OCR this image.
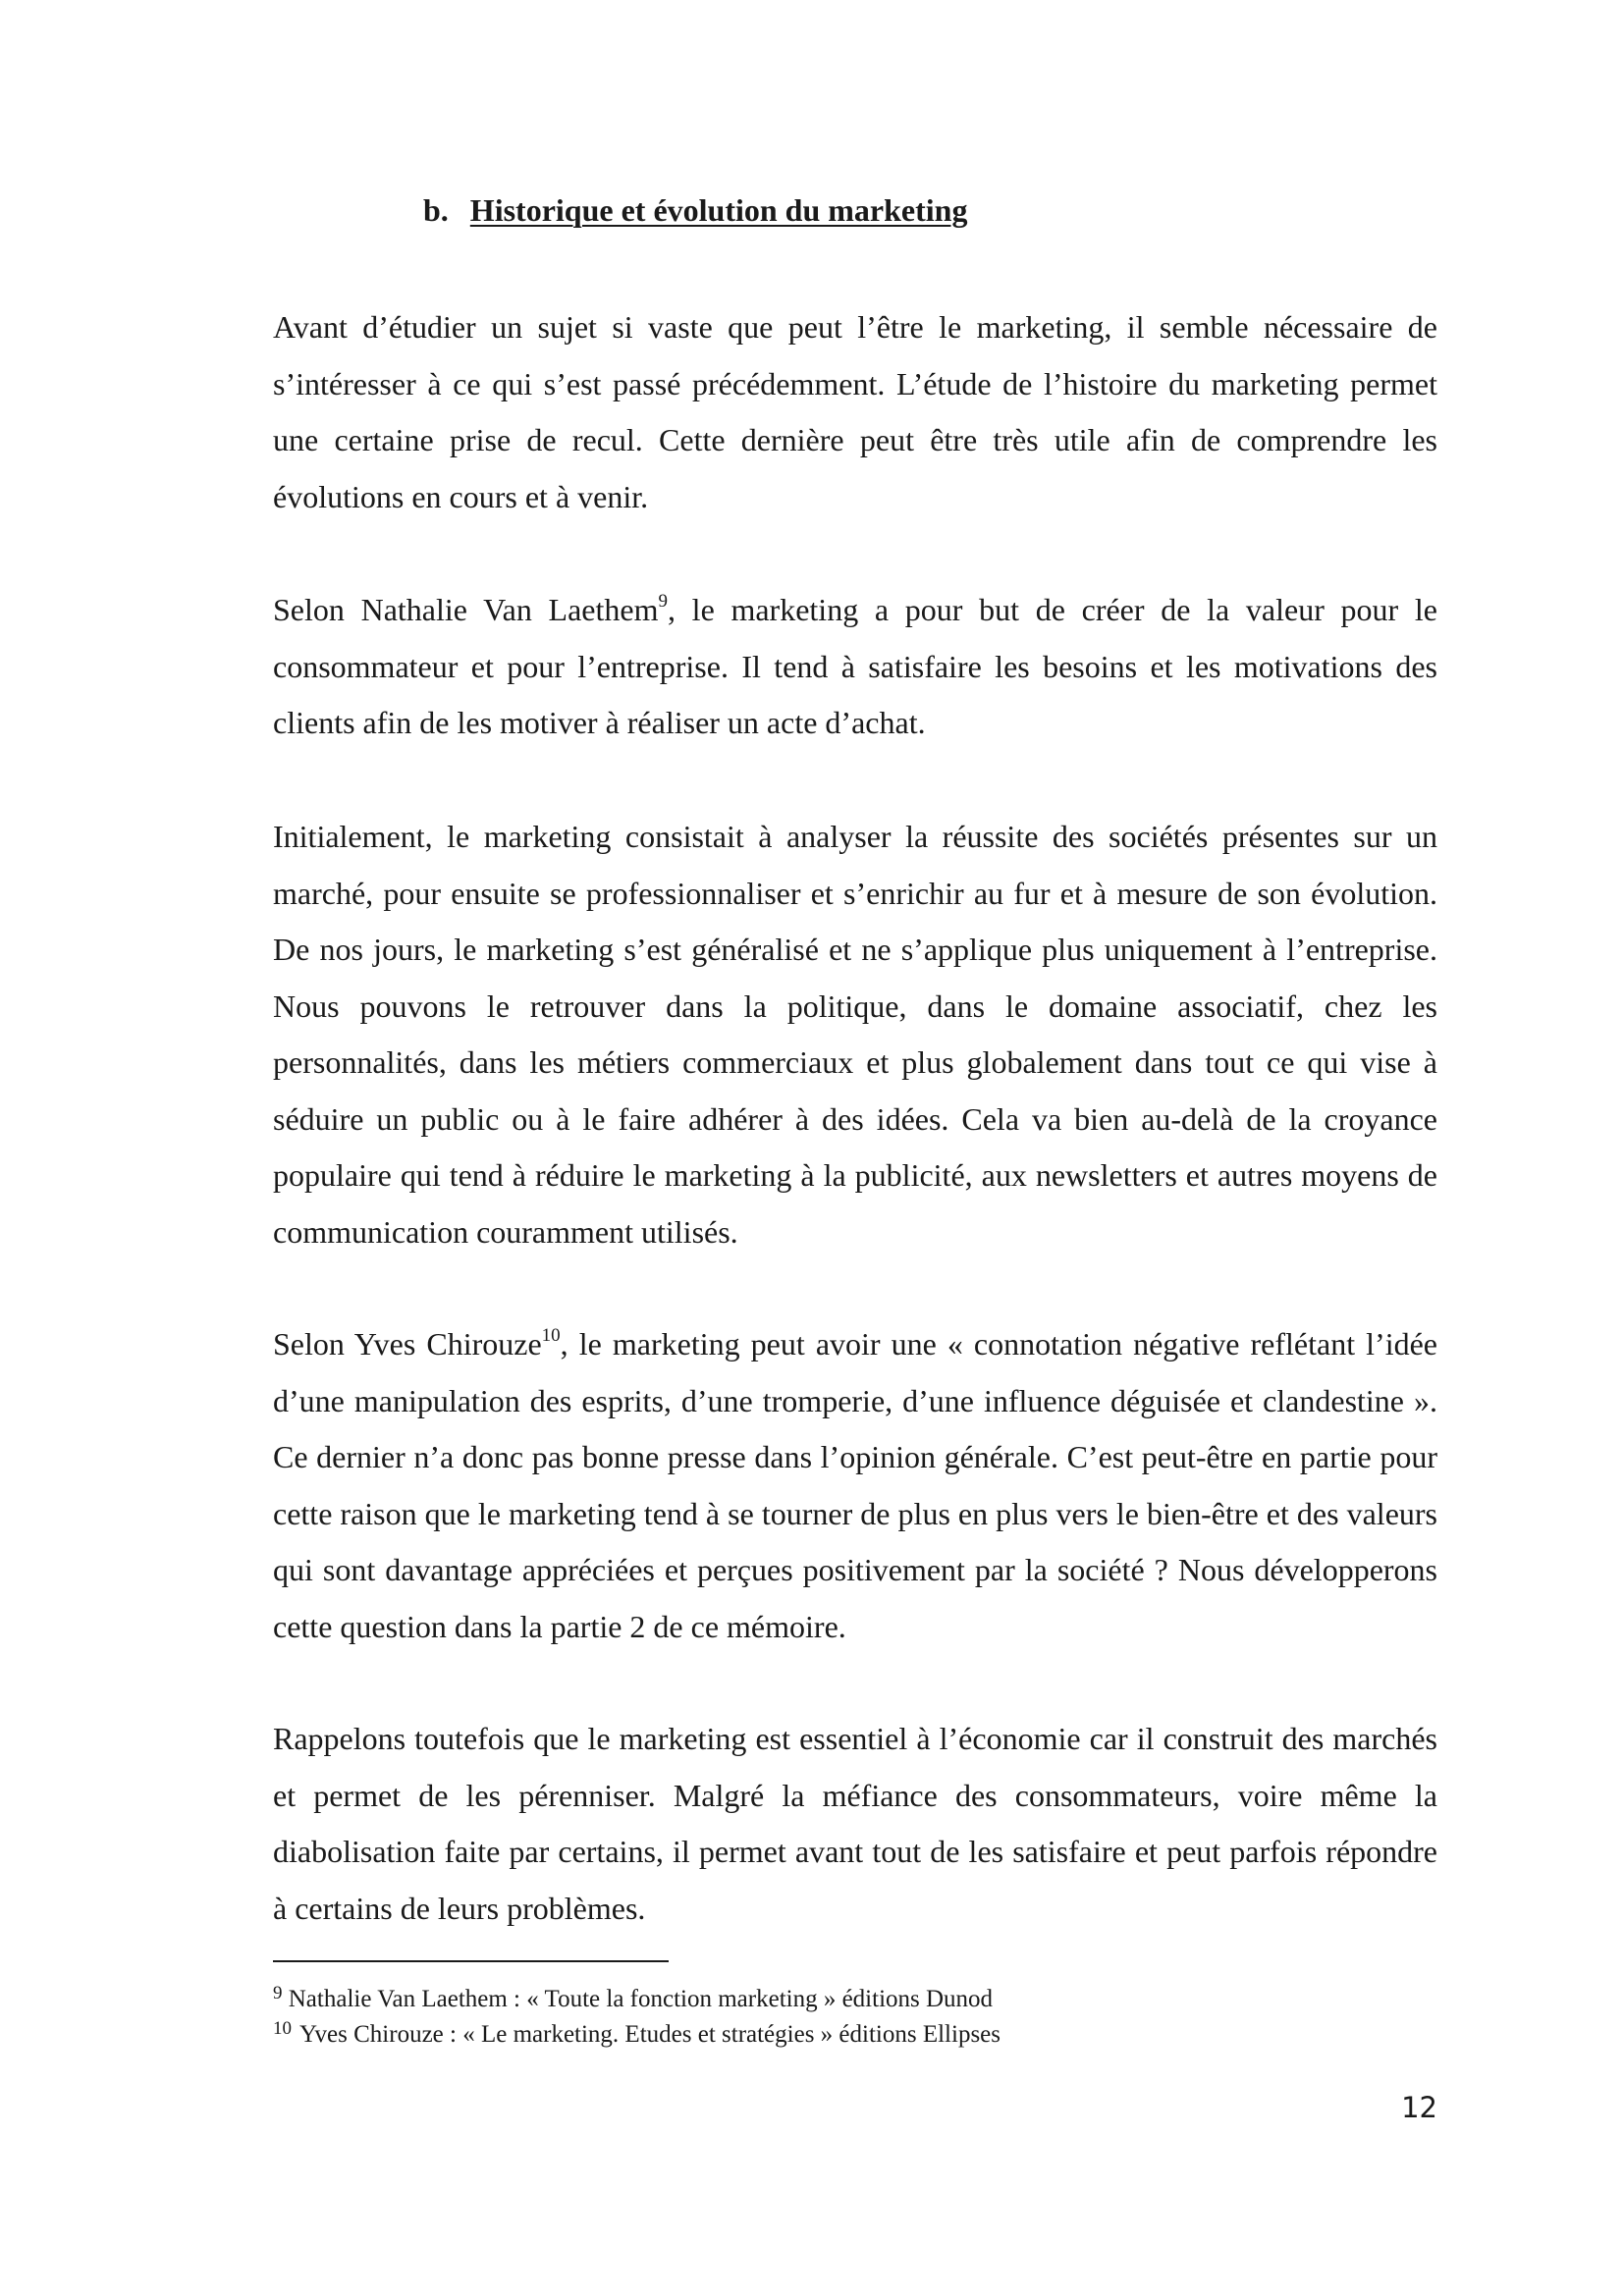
b. Historique et évolution du marketing

Avant d’étudier un sujet si vaste que peut l’être le marketing, il semble nécessaire de s’intéresser à ce qui s’est passé précédemment. L’étude de l’histoire du marketing permet une certaine prise de recul. Cette dernière peut être très utile afin de comprendre les évolutions en cours et à venir.

Selon Nathalie Van Laethem$^9$, le marketing a pour but de créer de la valeur pour le consommateur et pour l’entreprise. Il tend à satisfaire les besoins et les motivations des clients afin de les motiver à réaliser un acte d’achat.

Initialement, le marketing consistait à analyser la réussite des sociétés présentes sur un marché, pour ensuite se professionnaliser et s’enrichir au fur et à mesure de son évolution. De nos jours, le marketing s’est généralisé et ne s’applique plus uniquement à l’entreprise. Nous pouvons le retrouver dans la politique, dans le domaine associatif, chez les personnalités, dans les métiers commerciaux et plus globalement dans tout ce qui vise à séduire un public ou à le faire adhérer à des idées. Cela va bien au-delà de la croyance populaire qui tend à réduire le marketing à la publicité, aux newsletters et autres moyens de communication couramment utilisés.

Selon Yves Chirouze$^{10}$, le marketing peut avoir une « connotation négative reflétant l’idée d’une manipulation des esprits, d’une tromperie, d’une influence déguisée et clandestine ». Ce dernier n’a donc pas bonne presse dans l’opinion générale. C’est peut-être en partie pour cette raison que le marketing tend à se tourner de plus en plus vers le bien-être et des valeurs qui sont davantage appréciées et perçues positivement par la société ? Nous développerons cette question dans la partie 2 de ce mémoire.

Rappelons toutefois que le marketing est essentiel à l’économie car il construit des marchés et permet de les pérenniser. Malgré la méfiance des consommateurs, voire même la diabolisation faite par certains, il permet avant tout de les satisfaire et peut parfois répondre à certains de leurs problèmes.

$^9$ Nathalie Van Laethem : « Toute la fonction marketing » éditions Dunod

$^{10}$ Yves Chirouze : « Le marketing. Etudes et stratégies » éditions Ellipses

12
